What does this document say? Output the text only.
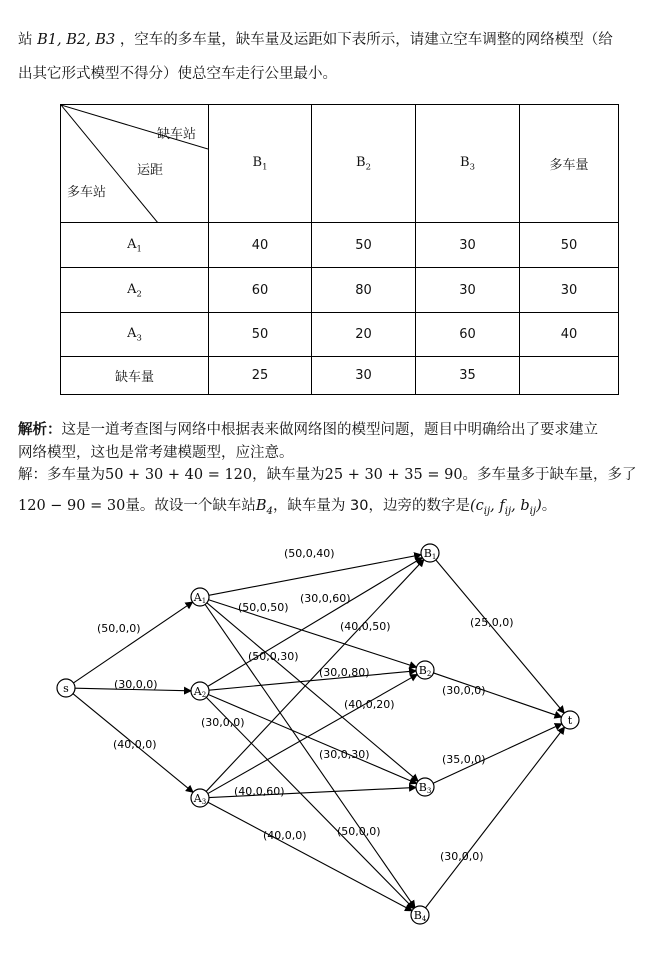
站 B1, B2, B3 ，空车的多车量，缺车量及运距如下表所示，请建立空车调整的网络模型（给
出其它形式模型不得分）使总空车走行公里最小。
缺车站
运距
多车站	$B_1$	$B_2$	$B_3$	多车量
$A_1$	40	50	30	50
$A_2$	60	80	30	30
$A_3$	50	20	60	40
缺车量	25	30	35	
解析：这是一道考查图与网络中根据表来做网络图的模型问题，题目中明确给出了要求建立
网络模型，这也是常考建模题型，应注意。
解：多车量为50 + 30 + 40 = 120，缺车量为25 + 30 + 35 = 90。多车量多于缺车量，多了
120 − 90 = 30量。故设一个缺车站$B_4$，缺车量为 30，边旁的数字是($c_{ij}$, $f_{ij}$, $b_{ij}$)。
(50,0,0)
(30,0,0)
(40,0,0)
(50,0,40)
(50,0,50)
(50,0,30)
(50,0,0)
(30,0,60)
(30,0,80)
(30,0,30)
(30,0,0)
(40,0,50)
(40,0,20)
(40,0,60)
(40,0,0)
(25,0,0)
(30,0,0)
(35,0,0)
(30,0,0)
s
A1
A2
A3
B1
B2
B3
B4
t
